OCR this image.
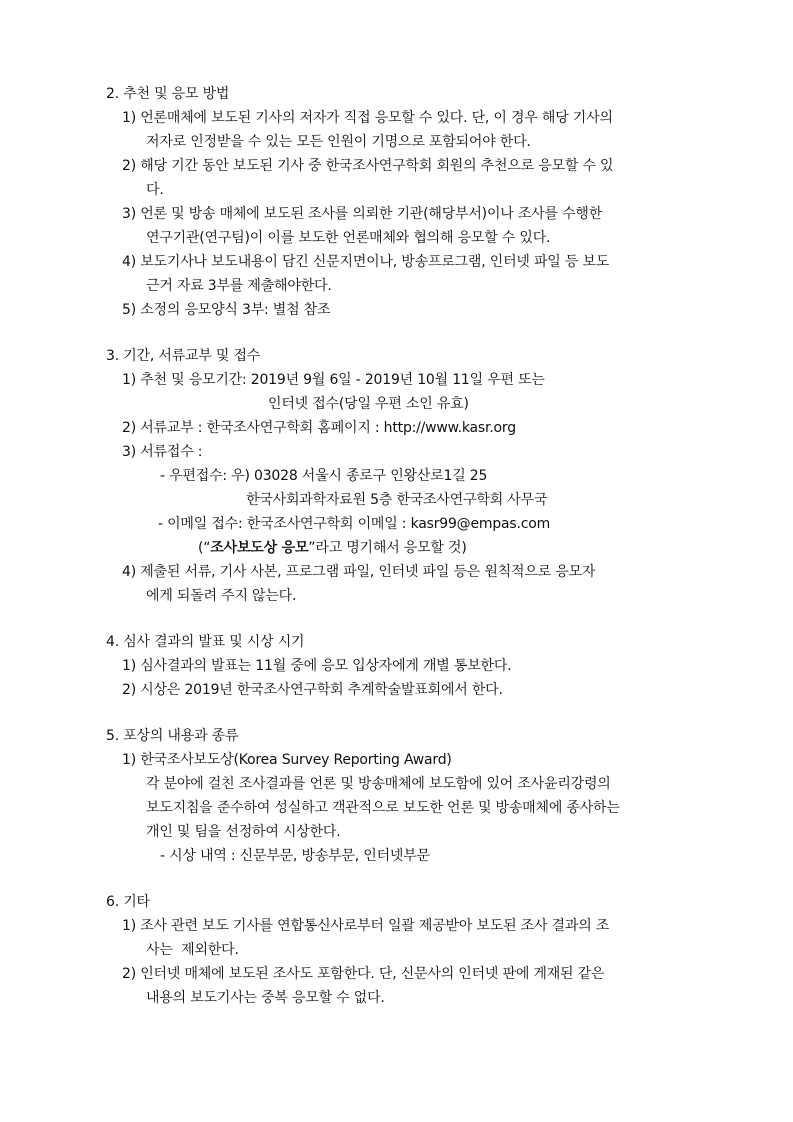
2. 추천 및 응모 방법
1) 언론매체에 보도된 기사의 저자가 직접 응모할 수 있다. 단, 이 경우 해당 기사의
저자로 인정받을 수 있는 모든 인원이 기명으로 포함되어야 한다.
2) 해당 기간 동안 보도된 기사 중 한국조사연구학회 회원의 추천으로 응모할 수 있
다.
3) 언론 및 방송 매체에 보도된 조사를 의뢰한 기관(해당부서)이나 조사를 수행한
연구기관(연구팀)이 이를 보도한 언론매체와 협의해 응모할 수 있다.
4) 보도기사나 보도내용이 담긴 신문지면이나, 방송프로그램, 인터넷 파일 등 보도
근거 자료 3부를 제출해야한다.
5) 소정의 응모양식 3부: 별첨 참조
3. 기간, 서류교부 및 접수
1) 추천 및 응모기간: 2019년 9월 6일 - 2019년 10월 11일 우편 또는
인터넷 접수(당일 우편 소인 유효)
2) 서류교부 : 한국조사연구학회 홈페이지 : http://www.kasr.org
3) 서류접수 :
- 우편접수: 우) 03028 서울시 종로구 인왕산로1길 25
한국사회과학자료원 5층 한국조사연구학회 사무국
- 이메일 접수: 한국조사연구학회 이메일 : kasr99@empas.com
(“조사보도상 응모”라고 명기해서 응모할 것)
4) 제출된 서류, 기사 사본, 프로그램 파일, 인터넷 파일 등은 원칙적으로 응모자
에게 되돌려 주지 않는다.
4. 심사 결과의 발표 및 시상 시기
1) 심사결과의 발표는 11월 중에 응모 입상자에게 개별 통보한다.
2) 시상은 2019년 한국조사연구학회 추계학술발표회에서 한다.
5. 포상의 내용과 종류
1) 한국조사보도상(Korea Survey Reporting Award)
각 분야에 걸친 조사결과를 언론 및 방송매체에 보도함에 있어 조사윤리강령의
보도지침을 준수하여 성실하고 객관적으로 보도한 언론 및 방송매체에 종사하는
개인 및 팀을 선정하여 시상한다.
- 시상 내역 : 신문부문, 방송부문, 인터넷부문
6. 기타
1) 조사 관련 보도 기사를 연합통신사로부터 일괄 제공받아 보도된 조사 결과의 조
사는  제외한다.
2) 인터넷 매체에 보도된 조사도 포함한다. 단, 신문사의 인터넷 판에 게재된 같은
내용의 보도기사는 중복 응모할 수 없다.
